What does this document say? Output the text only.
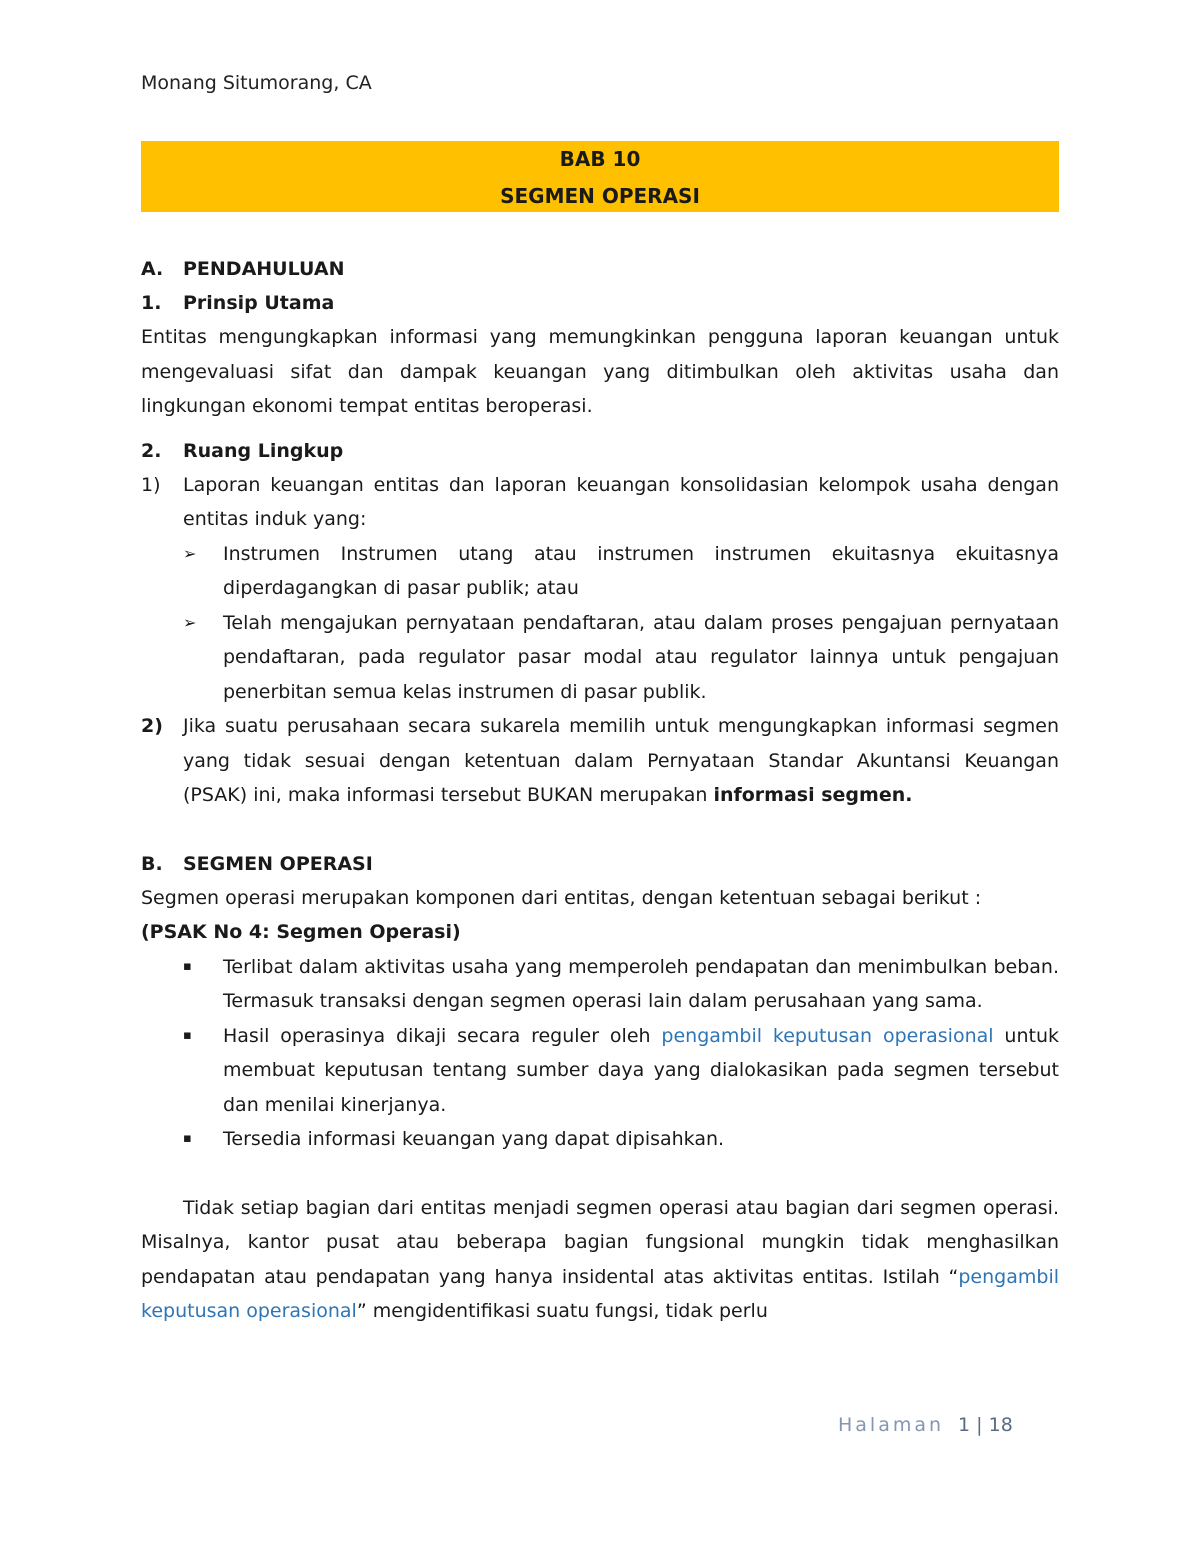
Monang Situmorang, CA
BAB 10
SEGMEN OPERASI
A. PENDAHULUAN
1. Prinsip Utama

Entitas mengungkapkan informasi yang memungkinkan pengguna laporan keuangan untuk mengevaluasi sifat dan dampak keuangan yang ditimbulkan oleh aktivitas usaha dan lingkungan ekonomi tempat entitas beroperasi.

2. Ruang Lingkup
1)	Laporan keuangan entitas dan laporan keuangan konsolidasian kelompok usaha dengan entitas induk yang:
➢	Instrumen Instrumen utang atau instrumen instrumen ekuitasnya ekuitasnya diperdagangkan di pasar publik; atau
➢	Telah mengajukan pernyataan pendaftaran, atau dalam proses pengajuan pernyataan pendaftaran, pada regulator pasar modal atau regulator lainnya untuk pengajuan penerbitan semua kelas instrumen di pasar publik.
2)	Jika suatu perusahaan secara sukarela memilih untuk mengungkapkan informasi segmen yang tidak sesuai dengan ketentuan dalam Pernyataan Standar Akuntansi Keuangan (PSAK) ini, maka informasi tersebut BUKAN merupakan informasi segmen.
B. SEGMEN OPERASI

Segmen operasi merupakan komponen dari entitas, dengan ketentuan sebagai berikut :

(PSAK No 4: Segmen Operasi)

▪	Terlibat dalam aktivitas usaha yang memperoleh pendapatan dan menimbulkan beban. Termasuk transaksi dengan segmen operasi lain dalam perusahaan yang sama.
▪	Hasil operasinya dikaji secara reguler oleh pengambil keputusan operasional untuk membuat keputusan tentang sumber daya yang dialokasikan pada segmen tersebut dan menilai kinerjanya.
▪	Tersedia informasi keuangan yang dapat dipisahkan.

Tidak setiap bagian dari entitas menjadi segmen operasi atau bagian dari segmen operasi. Misalnya, kantor pusat atau beberapa bagian fungsional mungkin tidak menghasilkan pendapatan atau pendapatan yang hanya insidental atas aktivitas entitas. Istilah “pengambil keputusan operasional” mengidentifikasi suatu fungsi, tidak perlu

Halaman 1 | 18
